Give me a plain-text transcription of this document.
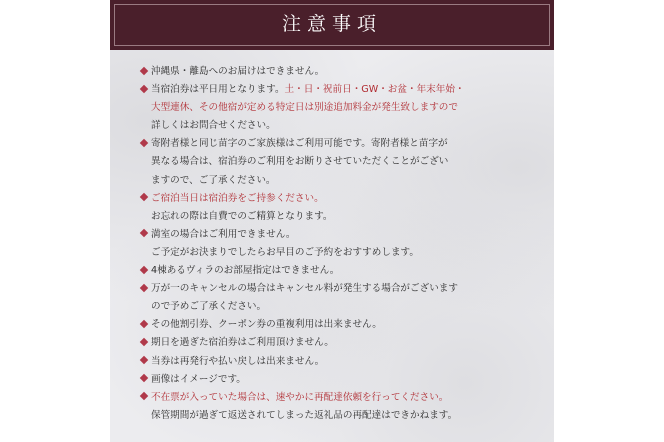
注意事項
沖縄県・離島へのお届けはできません。
当宿泊券は平日用となります。土・日・祝前日・GW・お盆・年末年始・
大型連休、その他宿が定める特定日は別途追加料金が発生致しますので
詳しくはお問合せください。
寄附者様と同じ苗字のご家族様はご利用可能です。寄附者様と苗字が
異なる場合は、宿泊券のご利用をお断りさせていただくことがござい
ますので、ご了承ください。
ご宿泊当日は宿泊券をご持参ください。
お忘れの際は自費でのご精算となります。
満室の場合はご利用できません。
ご予定がお決まりでしたらお早目のご予約をおすすめします。
4棟あるヴィラのお部屋指定はできません。
万が一のキャンセルの場合はキャンセル料が発生する場合がございます
ので予めご了承ください。
その他割引券、クーポン券の重複利用は出来ません。
期日を過ぎた宿泊券はご利用頂けません。
当券は再発行や払い戻しは出来ません。
画像はイメージです。
不在票が入っていた場合は、速やかに再配達依頼を行ってください。
保管期間が過ぎて返送されてしまった返礼品の再配達はできかねます。
